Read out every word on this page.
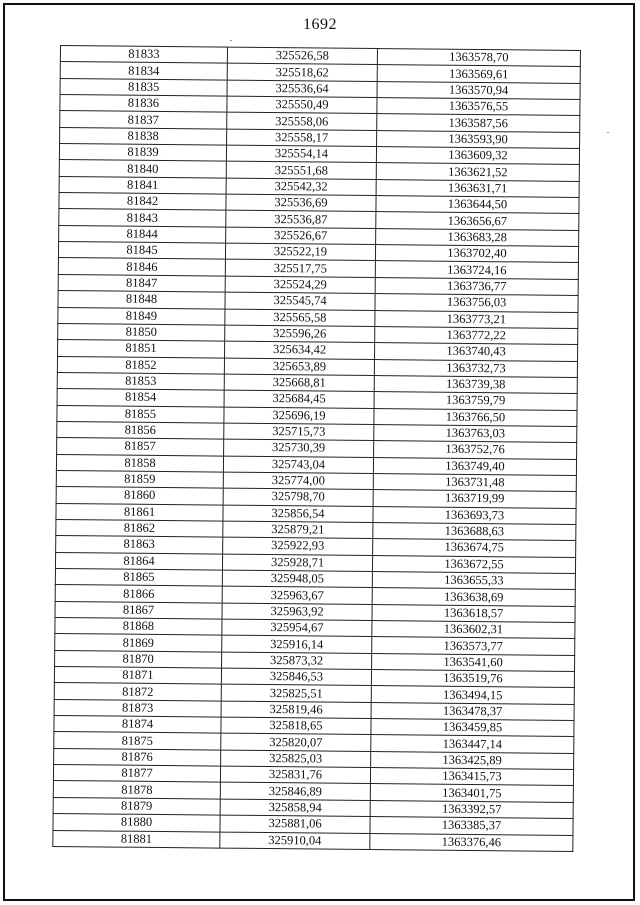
1692
81833	325526,58	1363578,70
81834	325518,62	1363569,61
81835	325536,64	1363570,94
81836	325550,49	1363576,55
81837	325558,06	1363587,56
81838	325558,17	1363593,90
81839	325554,14	1363609,32
81840	325551,68	1363621,52
81841	325542,32	1363631,71
81842	325536,69	1363644,50
81843	325536,87	1363656,67
81844	325526,67	1363683,28
81845	325522,19	1363702,40
81846	325517,75	1363724,16
81847	325524,29	1363736,77
81848	325545,74	1363756,03
81849	325565,58	1363773,21
81850	325596,26	1363772,22
81851	325634,42	1363740,43
81852	325653,89	1363732,73
81853	325668,81	1363739,38
81854	325684,45	1363759,79
81855	325696,19	1363766,50
81856	325715,73	1363763,03
81857	325730,39	1363752,76
81858	325743,04	1363749,40
81859	325774,00	1363731,48
81860	325798,70	1363719,99
81861	325856,54	1363693,73
81862	325879,21	1363688,63
81863	325922,93	1363674,75
81864	325928,71	1363672,55
81865	325948,05	1363655,33
81866	325963,67	1363638,69
81867	325963,92	1363618,57
81868	325954,67	1363602,31
81869	325916,14	1363573,77
81870	325873,32	1363541,60
81871	325846,53	1363519,76
81872	325825,51	1363494,15
81873	325819,46	1363478,37
81874	325818,65	1363459,85
81875	325820,07	1363447,14
81876	325825,03	1363425,89
81877	325831,76	1363415,73
81878	325846,89	1363401,75
81879	325858,94	1363392,57
81880	325881,06	1363385,37
81881	325910,04	1363376,46
